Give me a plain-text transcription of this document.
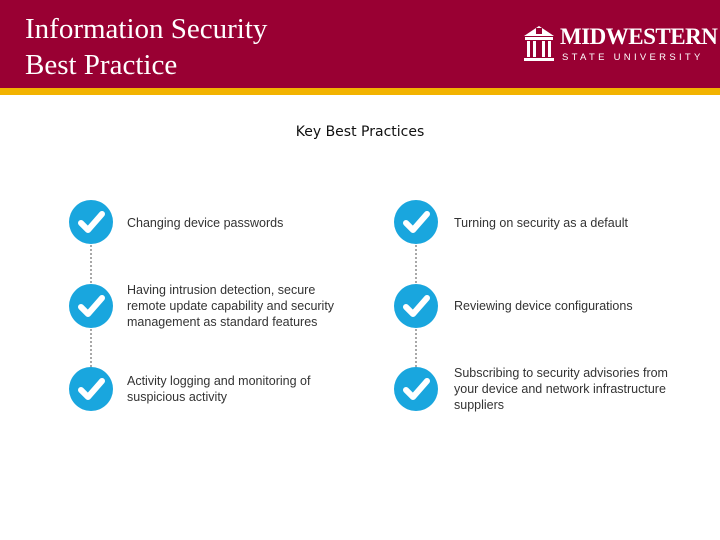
Information Security
Best Practice
MIDWESTERN
STATE UNIVERSITY
Key Best Practices
Changing device passwords
Having intrusion detection, secure remote update capability and security management as standard features
Activity logging and monitoring of suspicious activity
Turning on security as a default
Reviewing device configurations
Subscribing to security advisories from your device and network infrastructure suppliers
